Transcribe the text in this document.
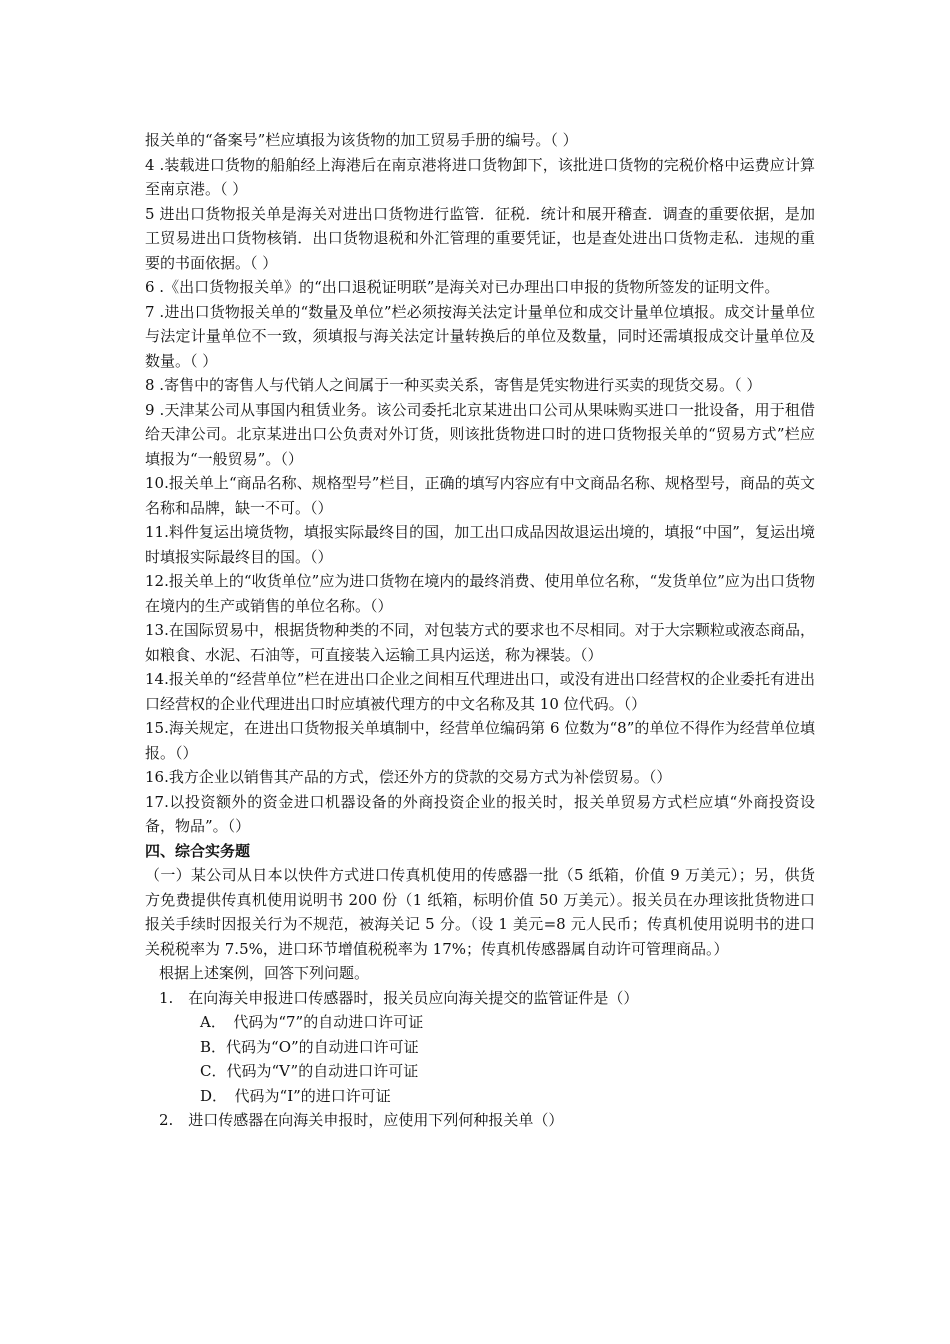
报关单的“备案号”栏应填报为该货物的加工贸易手册的编号。（ ）

4 .装载进口货物的船舶经上海港后在南京港将进口货物卸下，该批进口货物的完税价格中运费应计算至南京港。（ ）

5 进出口货物报关单是海关对进出口货物进行监管．征税．统计和展开稽查．调查的重要依据，是加工贸易进出口货物核销．出口货物退税和外汇管理的重要凭证，也是查处进出口货物走私．违规的重要的书面依据。（ ）

6 .《出口货物报关单》的“出口退税证明联”是海关对已办理出口申报的货物所签发的证明文件。

7 .进出口货物报关单的“数量及单位”栏必须按海关法定计量单位和成交计量单位填报。成交计量单位与法定计量单位不一致，须填报与海关法定计量转换后的单位及数量，同时还需填报成交计量单位及数量。（ ）

8 .寄售中的寄售人与代销人之间属于一种买卖关系，寄售是凭实物进行买卖的现货交易。（ ）

9 .天津某公司从事国内租赁业务。该公司委托北京某进出口公司从果味购买进口一批设备，用于租借给天津公司。北京某进出口公负责对外订货，则该批货物进口时的进口货物报关单的“贸易方式”栏应填报为“一般贸易”。（）

10.报关单上“商品名称、规格型号”栏目，正确的填写内容应有中文商品名称、规格型号，商品的英文名称和品牌，缺一不可。（）

11.料件复运出境货物，填报实际最终目的国，加工出口成品因故退运出境的，填报“中国”，复运出境时填报实际最终目的国。（）

12.报关单上的“收货单位”应为进口货物在境内的最终消费、使用单位名称，“发货单位”应为出口货物在境内的生产或销售的单位名称。（）

13.在国际贸易中，根据货物种类的不同，对包装方式的要求也不尽相同。对于大宗颗粒或液态商品，如粮食、水泥、石油等，可直接装入运输工具内运送，称为裸装。（）

14.报关单的“经营单位”栏在进出口企业之间相互代理进出口，或没有进出口经营权的企业委托有进出口经营权的企业代理进出口时应填被代理方的中文名称及其 10 位代码。（）

15.海关规定，在进出口货物报关单填制中，经营单位编码第 6 位数为“8”的单位不得作为经营单位填报。（）

16.我方企业以销售其产品的方式，偿还外方的贷款的交易方式为补偿贸易。（）

17.以投资额外的资金进口机器设备的外商投资企业的报关时，报关单贸易方式栏应填“外商投资设备，物品”。（）

四、综合实务题

（一）某公司从日本以快件方式进口传真机使用的传感器一批（5 纸箱，价值 9 万美元）；另，供货方免费提供传真机使用说明书 200 份（1 纸箱，标明价值 50 万美元）。报关员在办理该批货物进口报关手续时因报关行为不规范，被海关记 5 分。（设 1 美元=8 元人民币；传真机使用说明书的进口关税税率为 7.5%，进口环节增值税税率为 17%；传真机传感器属自动许可管理商品。）

根据上述案例，回答下列问题。

1.　在向海关申报进口传感器时，报关员应向海关提交的监管证件是（）

A．　代码为“7”的自动进口许可证

B．代码为“O”的自动进口许可证

C．代码为“V”的自动进口许可证

D．　代码为“I”的进口许可证

2.　进口传感器在向海关申报时，应使用下列何种报关单（）
